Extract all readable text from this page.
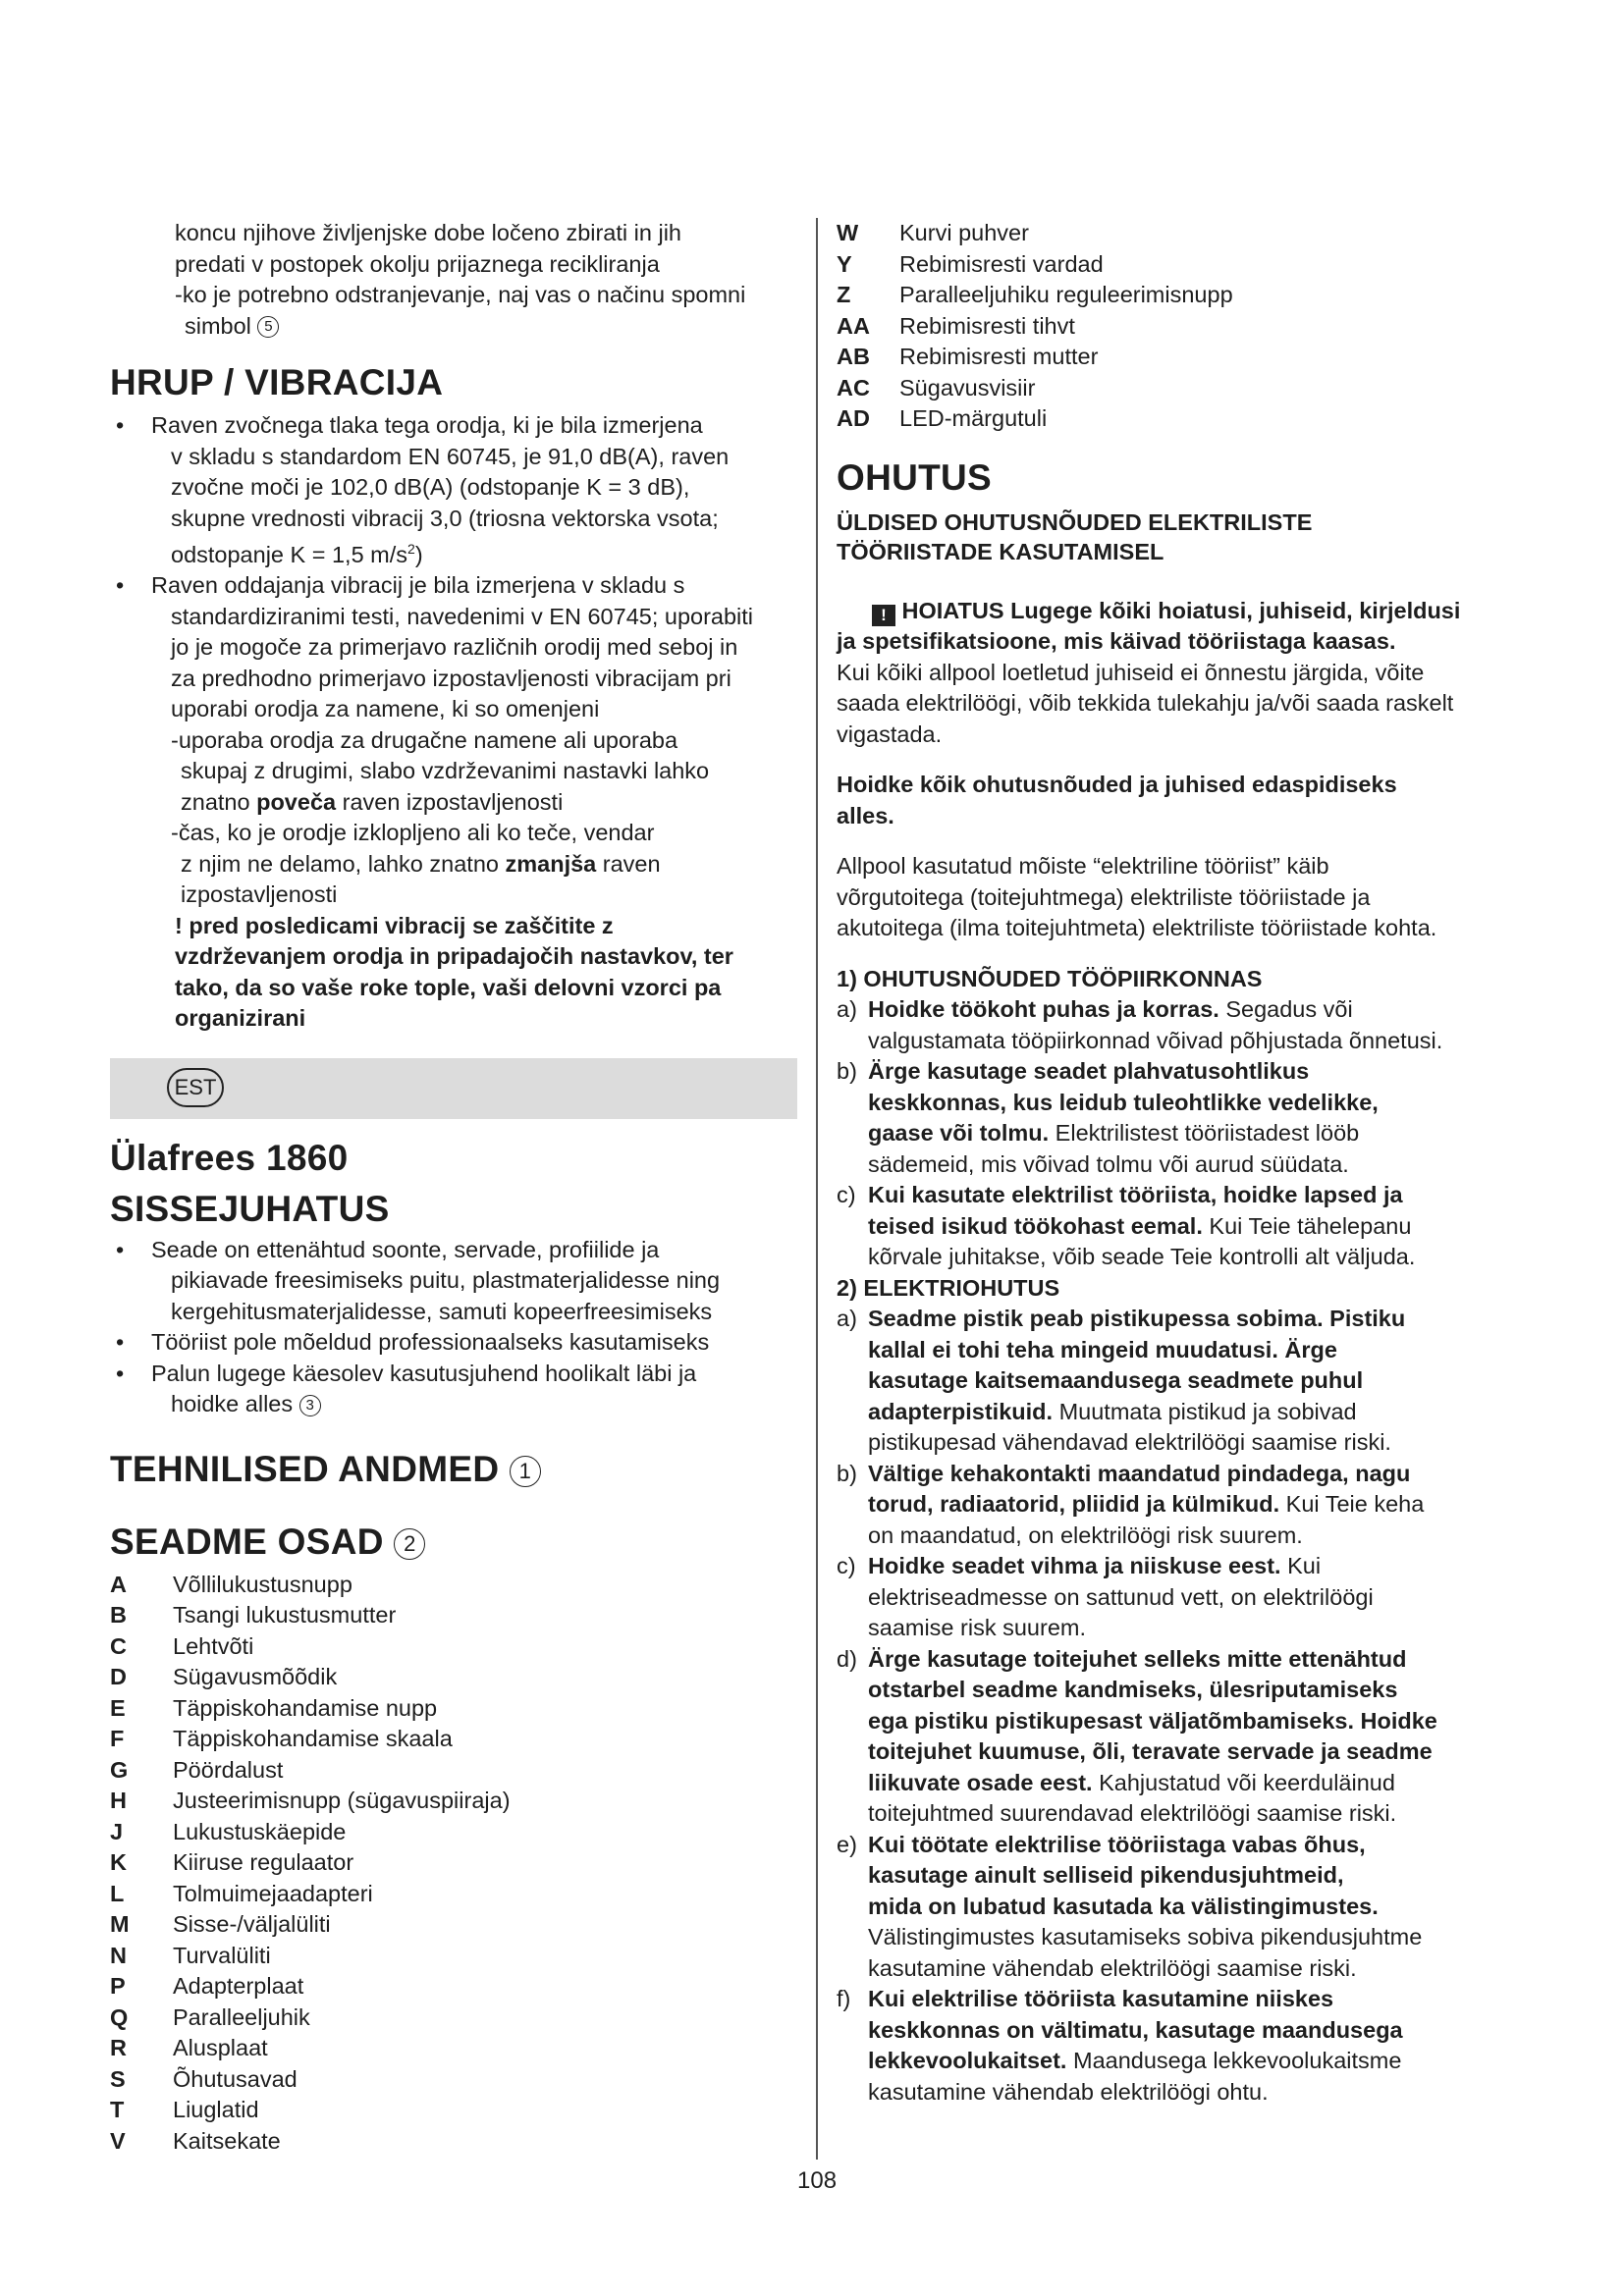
koncu njihove življenjske dobe ločeno zbirati in jih

predati v postopek okolju prijaznega recikliranja

-ko je potrebno odstranjevanje, naj vas o načinu spomni

simbol 5

HRUP / VIBRACIJA

• Raven zvočnega tlaka tega orodja, ki je bila izmerjena

v skladu s standardom EN 60745, je 91,0 dB(A), raven

zvočne moči je 102,0 dB(A) (odstopanje K = 3 dB),

skupne vrednosti vibracij 3,0 (triosna vektorska vsota;

odstopanje K = 1,5 $m/s^2$)

• Raven oddajanja vibracij je bila izmerjena v skladu s

standardiziranimi testi, navedenimi v EN 60745; uporabiti

jo je mogoče za primerjavo različnih orodij med seboj in

za predhodno primerjavo izpostavljenosti vibracijam pri

uporabi orodja za namene, ki so omenjeni

-uporaba orodja za drugačne namene ali uporaba

skupaj z drugimi, slabo vzdrževanimi nastavki lahko

znatno poveča raven izpostavljenosti

-čas, ko je orodje izklopljeno ali ko teče, vendar

z njim ne delamo, lahko znatno zmanjša raven

izpostavljenosti

! pred posledicami vibracij se zaščitite z

vzdrževanjem orodja in pripadajočih nastavkov, ter

tako, da so vaše roke tople, vaši delovni vzorci pa

organizirani

EST
Ülafrees 1860
SISSEJUHATUS

• Seade on ettenähtud soonte, servade, profiilide ja

pikiavade freesimiseks puitu, plastmaterjalidesse ning

kergehitusmaterjalidesse, samuti kopeerfreesimiseks

• Tööriist pole mõeldud professionaalseks kasutamiseks

• Palun lugege käesolev kasutusjuhend hoolikalt läbi ja

hoidke alles 3

TEHNILISED ANDMED 1
SEADME OSAD 2
A	Võllilukustusnupp
B	Tsangi lukustusmutter
C	Lehtvõti
D	Sügavusmõõdik
E	Täppiskohandamise nupp
F	Täppiskohandamise skaala
G	Pöördalust
H	Justeerimisnupp (sügavuspiiraja)
J	Lukustuskäepide
K	Kiiruse regulaator
L	Tolmuimejaadapteri
M	Sisse-/väljalüliti
N	Turvalüliti
P	Adapterplaat
Q	Paralleeljuhik
R	Alusplaat
S	Õhutusavad
T	Liuglatid
V	Kaitsekate
W	Kurvi puhver
Y	Rebimisresti vardad
Z	Paralleeljuhiku reguleerimisnupp
AA	Rebimisresti tihvt
AB	Rebimisresti mutter
AC	Sügavusvisiir
AD	LED-märgutuli
OHUTUS
ÜLDISED OHUTUSNÕUDED ELEKTRILISTE
TÖÖRIISTADE KASUTAMISEL

! HOIATUS Lugege kõiki hoiatusi, juhiseid, kirjeldusi

ja spetsifikatsioone, mis käivad tööriistaga kaasas.

Kui kõiki allpool loetletud juhiseid ei õnnestu järgida, võite

saada elektrilöögi, võib tekkida tulekahju ja/või saada raskelt

vigastada.

Hoidke kõik ohutusnõuded ja juhised edaspidiseks

alles.

Allpool kasutatud mõiste “elektriline tööriist” käib

võrgutoitega (toitejuhtmega) elektriliste tööriistade ja

akutoitega (ilma toitejuhtmeta) elektriliste tööriistade kohta.

1) OHUTUSNÕUDED TÖÖPIIRKONNAS

a) Hoidke töökoht puhas ja korras. Segadus või

valgustamata tööpiirkonnad võivad põhjustada õnnetusi.

b) Ärge kasutage seadet plahvatusohtlikus

keskkonnas, kus leidub tuleohtlikke vedelikke,

gaase või tolmu. Elektrilistest tööriistadest lööb

sädemeid, mis võivad tolmu või aurud süüdata.

c) Kui kasutate elektrilist tööriista, hoidke lapsed ja

teised isikud töökohast eemal. Kui Teie tähelepanu

kõrvale juhitakse, võib seade Teie kontrolli alt väljuda.

2) ELEKTRIOHUTUS

a) Seadme pistik peab pistikupessa sobima. Pistiku

kallal ei tohi teha mingeid muudatusi. Ärge

kasutage kaitsemaandusega seadmete puhul

adapterpistikuid. Muutmata pistikud ja sobivad

pistikupesad vähendavad elektrilöögi saamise riski.

b) Vältige kehakontakti maandatud pindadega, nagu

torud, radiaatorid, pliidid ja külmikud. Kui Teie keha

on maandatud, on elektrilöögi risk suurem.

c) Hoidke seadet vihma ja niiskuse eest. Kui

elektriseadmesse on sattunud vett, on elektrilöögi

saamise risk suurem.

d) Ärge kasutage toitejuhet selleks mitte ettenähtud

otstarbel seadme kandmiseks, ülesriputamiseks

ega pistiku pistikupesast väljatõmbamiseks. Hoidke

toitejuhet kuumuse, õli, teravate servade ja seadme

liikuvate osade eest. Kahjustatud või keerduläinud

toitejuhtmed suurendavad elektrilöögi saamise riski.

e) Kui töötate elektrilise tööriistaga vabas õhus,

kasutage ainult selliseid pikendusjuhtmeid,

mida on lubatud kasutada ka välistingimustes.

Välistingimustes kasutamiseks sobiva pikendusjuhtme

kasutamine vähendab elektrilöögi saamise riski.

f) Kui elektrilise tööriista kasutamine niiskes

keskkonnas on vältimatu, kasutage maandusega

lekkevoolukaitset. Maandusega lekkevoolukaitsme

kasutamine vähendab elektrilöögi ohtu.

108
